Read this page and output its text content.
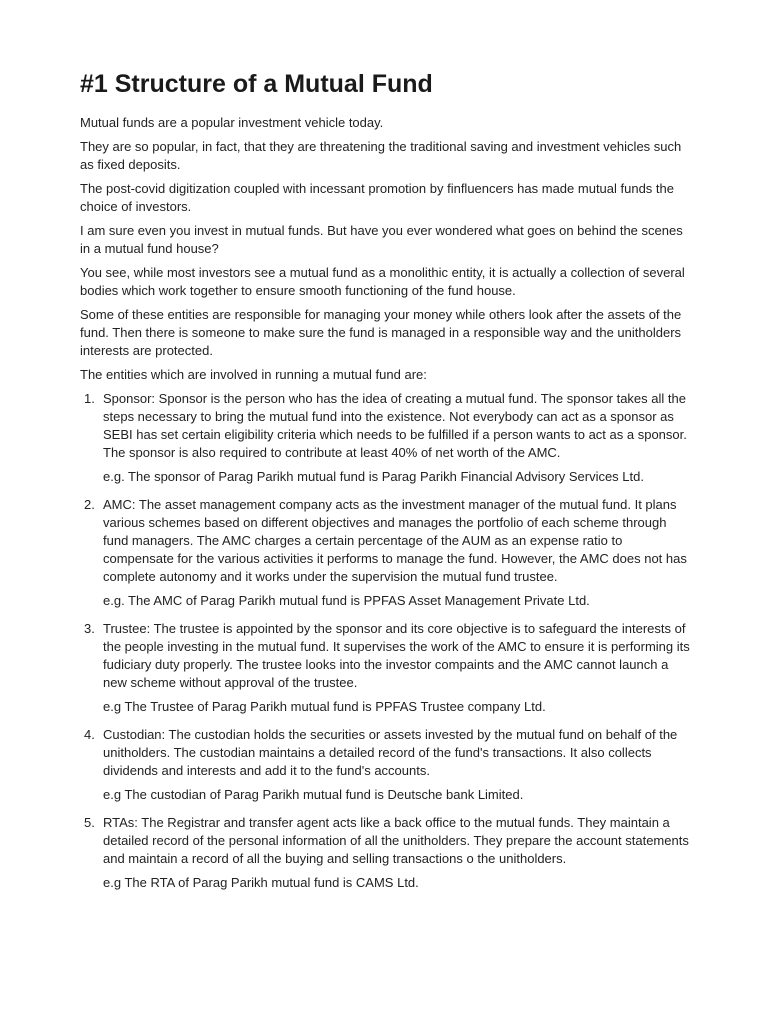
#1 Structure of a Mutual Fund

Mutual funds are a popular investment vehicle today.

They are so popular, in fact, that they are threatening the traditional saving and investment vehicles such as fixed deposits.

The post-covid digitization coupled with incessant promotion by finfluencers has made mutual funds the choice of investors.

I am sure even you invest in mutual funds. But have you ever wondered what goes on behind the scenes in a mutual fund house?

You see, while most investors see a mutual fund as a monolithic entity, it is actually a collection of several bodies which work together to ensure smooth functioning of the fund house.

Some of these entities are responsible for managing your money while others look after the assets of the fund. Then there is someone to make sure the fund is managed in a responsible way and the unitholders interests are protected.

The entities which are involved in running a mutual fund are:

1. Sponsor: Sponsor is the person who has the idea of creating a mutual fund. The sponsor takes all the steps necessary to bring the mutual fund into the existence. Not everybody can act as a sponsor as SEBI has set certain eligibility criteria which needs to be fulfilled if a person wants to act as a sponsor. The sponsor is also required to contribute at least 40% of net worth of the AMC.
e.g. The sponsor of Parag Parikh mutual fund is Parag Parikh Financial Advisory Services Ltd.
2. AMC: The asset management company acts as the investment manager of the mutual fund. It plans various schemes based on different objectives and manages the portfolio of each scheme through fund managers. The AMC charges a certain percentage of the AUM as an expense ratio to compensate for the various activities it performs to manage the fund. However, the AMC does not has complete autonomy and it works under the supervision the mutual fund trustee.
e.g. The AMC of Parag Parikh mutual fund is PPFAS Asset Management Private Ltd.
3. Trustee: The trustee is appointed by the sponsor and its core objective is to safeguard the interests of the people investing in the mutual fund. It supervises the work of the AMC to ensure it is performing its fudiciary duty properly. The trustee looks into the investor compaints and the AMC cannot launch a new scheme without approval of the trustee.
e.g The Trustee of Parag Parikh mutual fund is PPFAS Trustee company Ltd.
4. Custodian: The custodian holds the securities or assets invested by the mutual fund on behalf of the unitholders. The custodian maintains a detailed record of the fund's transactions. It also collects dividends and interests and add it to the fund's accounts.
e.g The custodian of Parag Parikh mutual fund is Deutsche bank Limited.
5. RTAs: The Registrar and transfer agent acts like a back office to the mutual funds. They maintain a detailed record of the personal information of all the unitholders. They prepare the account statements and maintain a record of all the buying and selling transactions o the unitholders.
e.g The RTA of Parag Parikh mutual fund is CAMS Ltd.
